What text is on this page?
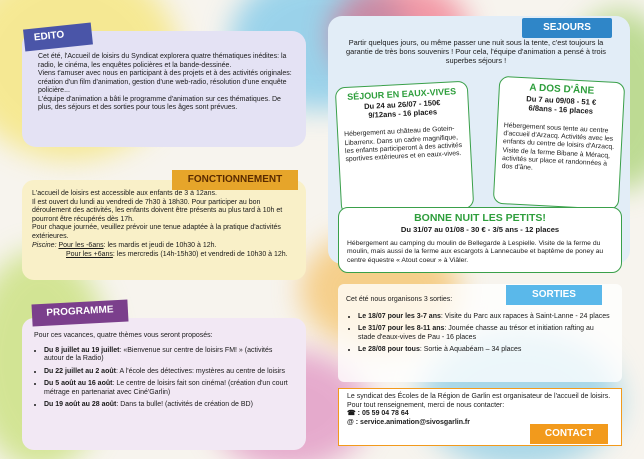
Cet été, l'Accueil de loisirs du Syndicat explorera quatre thématiques inédites: la radio, le cinéma, les enquêtes policières et la bande-dessinée.

Viens t'amuser avec nous en participant à des projets et à des activités originales: création d'un film d'animation, gestion d'une web-radio, résolution d'une enquête policière...

L'équipe d'animation a bâti le programme d'animation sur ces thématiques. De plus, des séjours et des sorties pour tous les âges sont prévues.

EDITO	Partir quelques jours, ou même passer une nuit sous la tente, c'est toujours la garantie de très bons souvenirs ! Pour cela, l'équipe d'animation a pensé à trois superbes séjours !

SEJOURS
SÉJOUR EN EAUX-VIVES
Du 24 au 26/07 - 150€
9/12ans - 16 places

Hébergement au château de Gotein-Libarrenx. Dans un cadre magnifique, les enfants participeront à des activités sportives extérieures et en eaux-vives.

A DOS D'ÂNE
Du 7 au 09/08 - 51 €
6/8ans - 16 places

Hébergement sous tente au centre d'accueil d'Arzacq. Activités avec les enfants du centre de loisirs d'Arzacq. Visite de la ferme Bibane à Méracq, activités sur place et randonnées à dos d'âne.

BONNE NUIT LES PETITS!
Du 31/07 au 01/08 - 30 € - 3/5 ans - 12 places

Hébergement au camping du moulin de Bellegarde à Lespielle. Visite de la ferme du moulin, mais aussi de la ferme aux escargots à Lannecaube et baptême de poney au centre équestre « Atout coeur » à Viâler.

L'accueil de loisirs est accessible aux enfants de 3 à 12ans.

Il est ouvert du lundi au vendredi de 7h30 à 18h30. Pour participer au bon déroulement des activités, les enfants doivent être présents au plus tard à 10h et pourront être récupérés dès 17h.

Pour chaque journée, veuillez prévoir une tenue adaptée à la pratique d'activités extérieures.

Piscine: Pour les -6ans: les mardis et jeudi de 10h30 à 12h.

Pour les +6ans: les mercredis (14h-15h30) et vendredi de 10h30 à 12h.

FONCTIONNEMENT

Pour ces vacances, quatre thèmes vous seront proposés:

• Du 8 juillet au 19 juillet: «Bienvenue sur centre de loisirs FM! » (activités autour de la Radio)
• Du 22 juillet au 2 août: A l'école des détectives: mystères au centre de loisirs
• Du 5 août au 16 août: Le centre de loisirs fait son cinéma! (création d'un court métrage en partenariat avec Ciné'Garlin)
• Du 19 août au 28 août: Dans ta bulle! (activités de création de BD)
PROGRAMME

Cet été nous organisons 3 sorties:

• Le 18/07 pour les 3-7 ans: Visite du Parc aux rapaces à Saint-Lanne - 24 places
• Le 31/07 pour les 8-11 ans: Journée chasse au trésor et initiation rafting au stade d'eaux-vives de Pau - 16 places
• Le 28/08 pour tous: Sortie à Aquabéarn – 34 places
SORTIES

Le syndicat des Écoles de la Région de Garlin est organisateur de l'accueil de loisirs.

Pour tout renseignement, merci de nous contacter:

☎ : 05 59 04 78 64

@ : service.animation@sivosgarlin.fr

CONTACT
